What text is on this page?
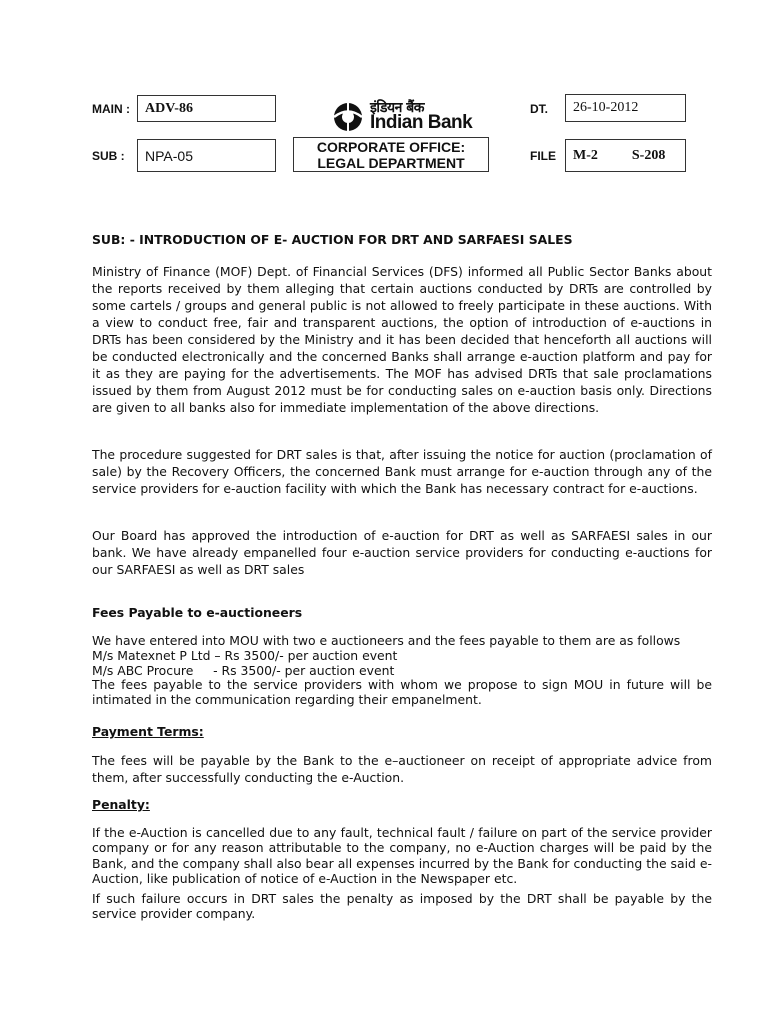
MAIN : ADV-86
SUB : NPA-05
इंडियन बैंक
Indian Bank
CORPORATE OFFICE:
LEGAL DEPARTMENT
DT. 26-10-2012
FILE M-2 S-208
SUB: - INTRODUCTION OF E- AUCTION FOR DRT AND SARFAESI SALES
Ministry of Finance (MOF) Dept. of Financial Services (DFS) informed all Public Sector Banks about the reports received by them alleging that certain auctions conducted by DRTs are controlled by some cartels / groups and general public is not allowed to freely participate in these auctions. With a view to conduct free, fair and transparent auctions, the option of introduction of e-auctions in DRTs has been considered by the Ministry and it has been decided that henceforth all auctions will be conducted electronically and the concerned Banks shall arrange e-auction platform and pay for it as they are paying for the advertisements. The MOF has advised DRTs that sale proclamations issued by them from August 2012 must be for conducting sales on e-auction basis only. Directions are given to all banks also for immediate implementation of the above directions.
The procedure suggested for DRT sales is that, after issuing the notice for auction (proclamation of sale) by the Recovery Officers, the concerned Bank must arrange for e-auction through any of the service providers for e-auction facility with which the Bank has necessary contract for e-auctions.
Our Board has approved the introduction of e-auction for DRT as well as SARFAESI sales in our bank. We have already empanelled four e-auction service providers for conducting e-auctions for our SARFAESI as well as DRT sales
Fees Payable to e-auctioneers
We have entered into MOU with two e auctioneers and the fees payable to them are as follows
M/s Matexnet P Ltd – Rs 3500/- per auction event
M/s ABC Procure     - Rs 3500/- per auction event
The fees payable to the service providers with whom we propose to sign MOU in future will be intimated in the communication regarding their empanelment.
Payment Terms:
The fees will be payable by the Bank to the e–auctioneer on receipt of appropriate advice from them, after successfully conducting the e-Auction.
Penalty:
If the e-Auction is cancelled due to any fault, technical fault / failure on part of the service provider company or for any reason attributable to the company, no e-Auction charges will be paid by the Bank, and the company shall also bear all expenses incurred by the Bank for conducting the said e-Auction, like publication of notice of e-Auction in the Newspaper etc.
If such failure occurs in DRT sales the penalty as imposed by the DRT shall be payable by the service provider company.
